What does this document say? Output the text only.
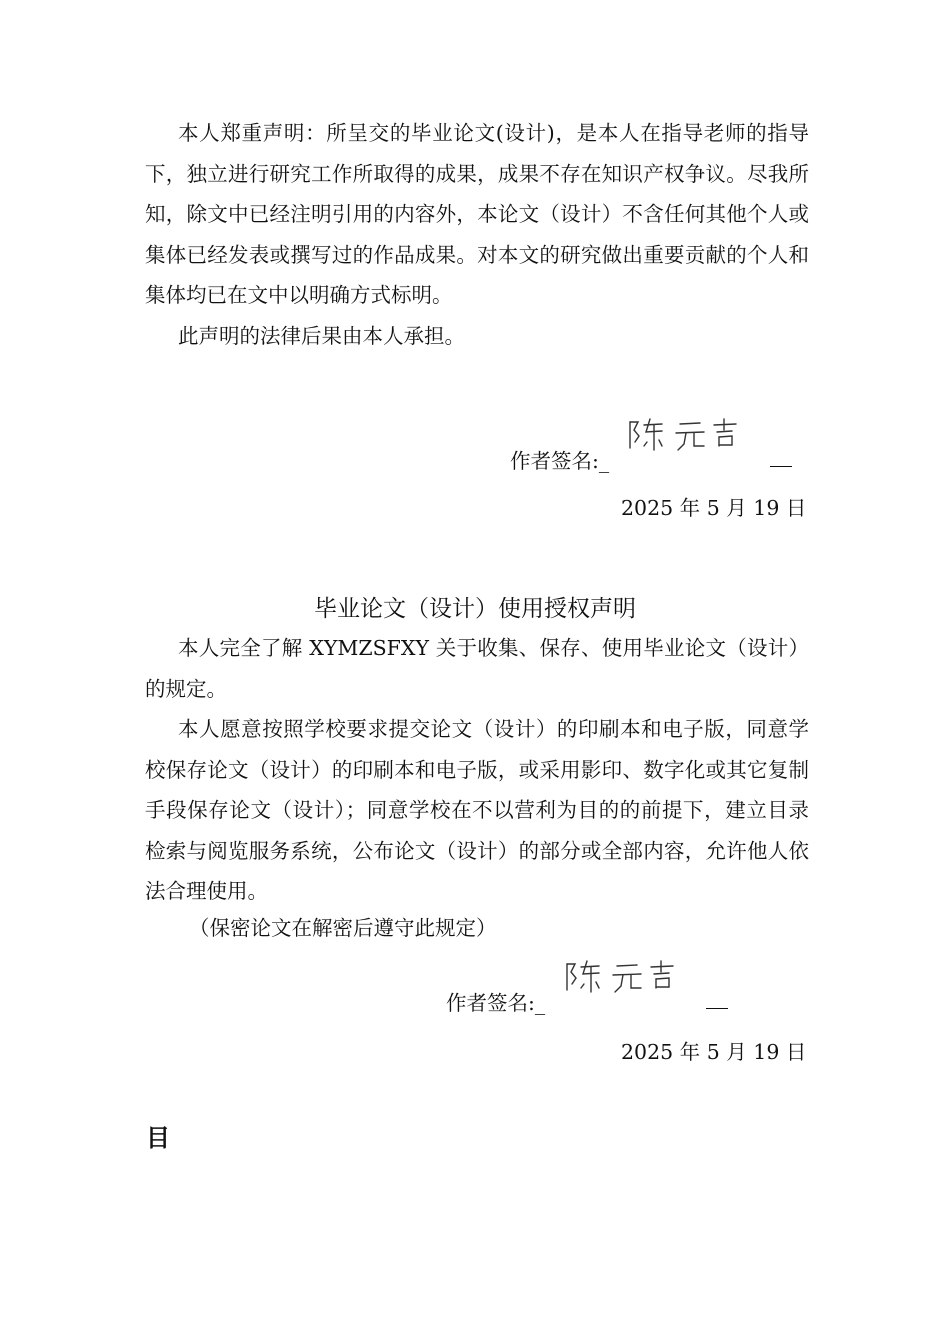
本人郑重声明：所呈交的毕业论文(设计)，是本人在指导老师的指导下，独立进行研究工作所取得的成果，成果不存在知识产权争议。尽我所知，除文中已经注明引用的内容外，本论文（设计）不含任何其他个人或集体已经发表或撰写过的作品成果。对本文的研究做出重要贡献的个人和集体均已在文中以明确方式标明。

此声明的法律后果由本人承担。

作者签名:_
2025 年 5 月 19 日
毕业论文（设计）使用授权声明

本人完全了解 XYMZSFXY 关于收集、保存、使用毕业论文（设计）的规定。

本人愿意按照学校要求提交论文（设计）的印刷本和电子版，同意学校保存论文（设计）的印刷本和电子版，或采用影印、数字化或其它复制手段保存论文（设计）；同意学校在不以营利为目的的前提下，建立目录检索与阅览服务系统，公布论文（设计）的部分或全部内容，允许他人依法合理使用。

（保密论文在解密后遵守此规定）

作者签名:_
2025 年 5 月 19 日
目
